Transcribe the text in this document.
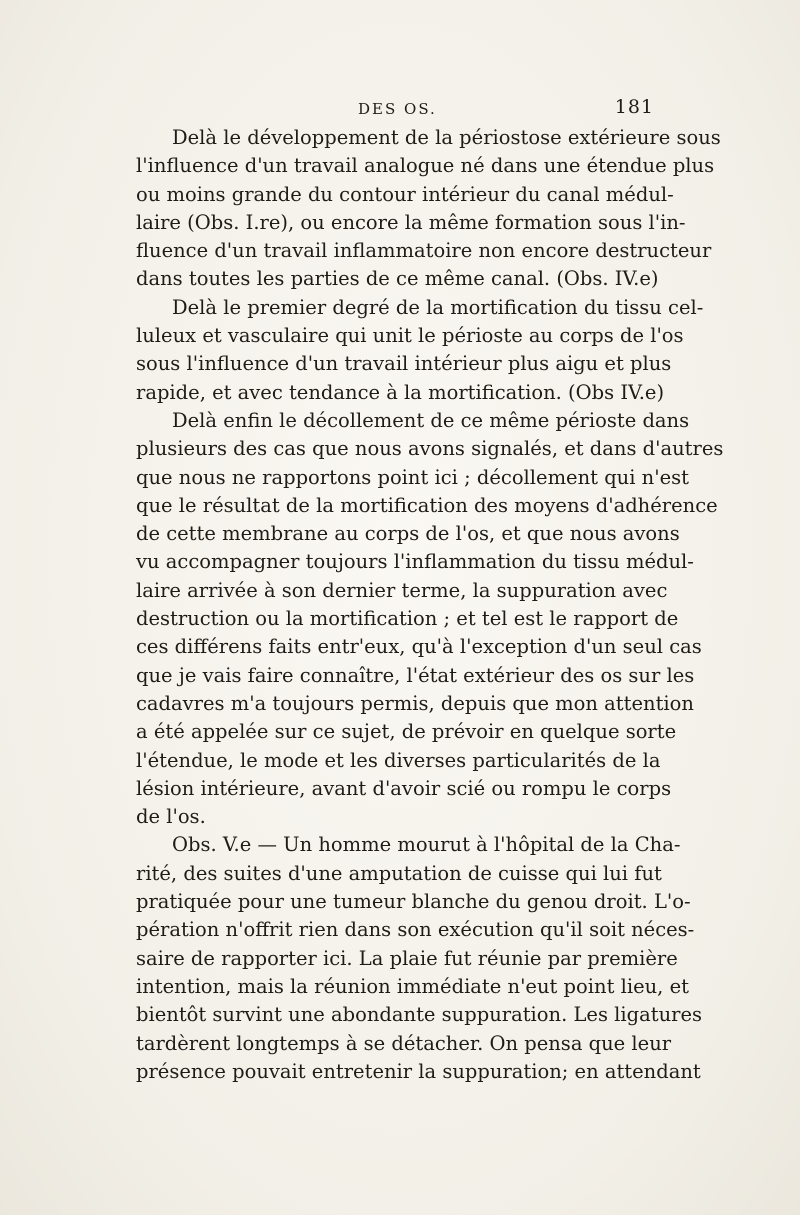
DES OS.	181
Delà le développement de la périostose extérieure sous
l'influence d'un travail analogue né dans une étendue plus
ou moins grande du contour intérieur du canal médul-
laire (Obs. I.re), ou encore la même formation sous l'in-
fluence d'un travail inflammatoire non encore destructeur
dans toutes les parties de ce même canal. (Obs. IV.e)
Delà le premier degré de la mortification du tissu cel-
luleux et vasculaire qui unit le périoste au corps de l'os
sous l'influence d'un travail intérieur plus aigu et plus
rapide, et avec tendance à la mortification. (Obs IV.e)
Delà enfin le décollement de ce même périoste dans
plusieurs des cas que nous avons signalés, et dans d'autres
que nous ne rapportons point ici ; décollement qui n'est
que le résultat de la mortification des moyens d'adhérence
de cette membrane au corps de l'os, et que nous avons
vu accompagner toujours l'inflammation du tissu médul-
laire arrivée à son dernier terme, la suppuration avec
destruction ou la mortification ; et tel est le rapport de
ces différens faits entr'eux, qu'à l'exception d'un seul cas
que je vais faire connaître, l'état extérieur des os sur les
cadavres m'a toujours permis, depuis que mon attention
a été appelée sur ce sujet, de prévoir en quelque sorte
l'étendue, le mode et les diverses particularités de la
lésion intérieure, avant d'avoir scié ou rompu le corps
de l'os.
Obs. V.e — Un homme mourut à l'hôpital de la Cha-
rité, des suites d'une amputation de cuisse qui lui fut
pratiquée pour une tumeur blanche du genou droit. L'o-
pération n'offrit rien dans son exécution qu'il soit néces-
saire de rapporter ici. La plaie fut réunie par première
intention, mais la réunion immédiate n'eut point lieu, et
bientôt survint une abondante suppuration. Les ligatures
tardèrent longtemps à se détacher. On pensa que leur
présence pouvait entretenir la suppuration; en attendant
